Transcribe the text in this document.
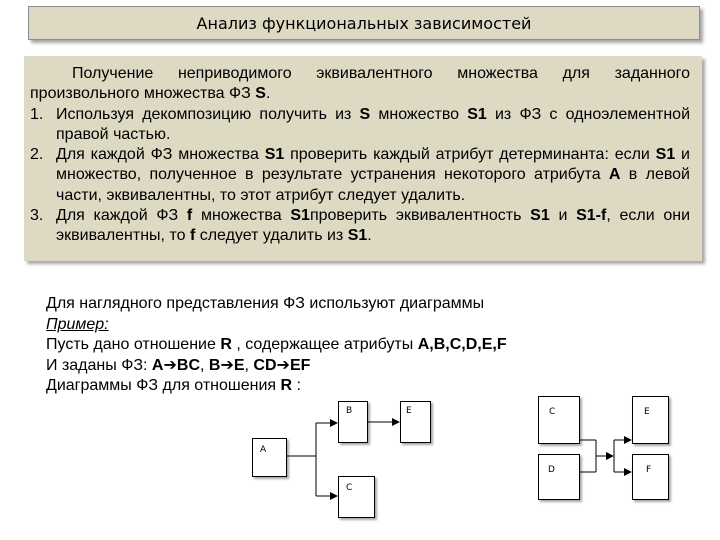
Анализ функциональных зависимостей

Получение неприводимого эквивалентного множества для заданного произвольного множества ФЗ S.

1. Используя декомпозицию получить из S множество S1 из ФЗ с одноэлементной правой частью.
2. Для каждой ФЗ множества S1 проверить каждый атрибут детерминанта: если S1 и множество, полученное в результате устранения некоторого атрибута A в левой части, эквивалентны, то этот атрибут следует удалить.
3. Для каждой ФЗ f множества S1проверить эквивалентность S1 и S1-f, если они эквивалентны, то f следует удалить из S1.
Для наглядного представления ФЗ используют диаграммы
Пример:
Пусть дано отношение R , содержащее атрибуты A,B,C,D,E,F
И заданы ФЗ: A➔BC, B➔E, CD➔EF
Диаграммы ФЗ для отношения R :
B	E
A
C
C	E
D	F
